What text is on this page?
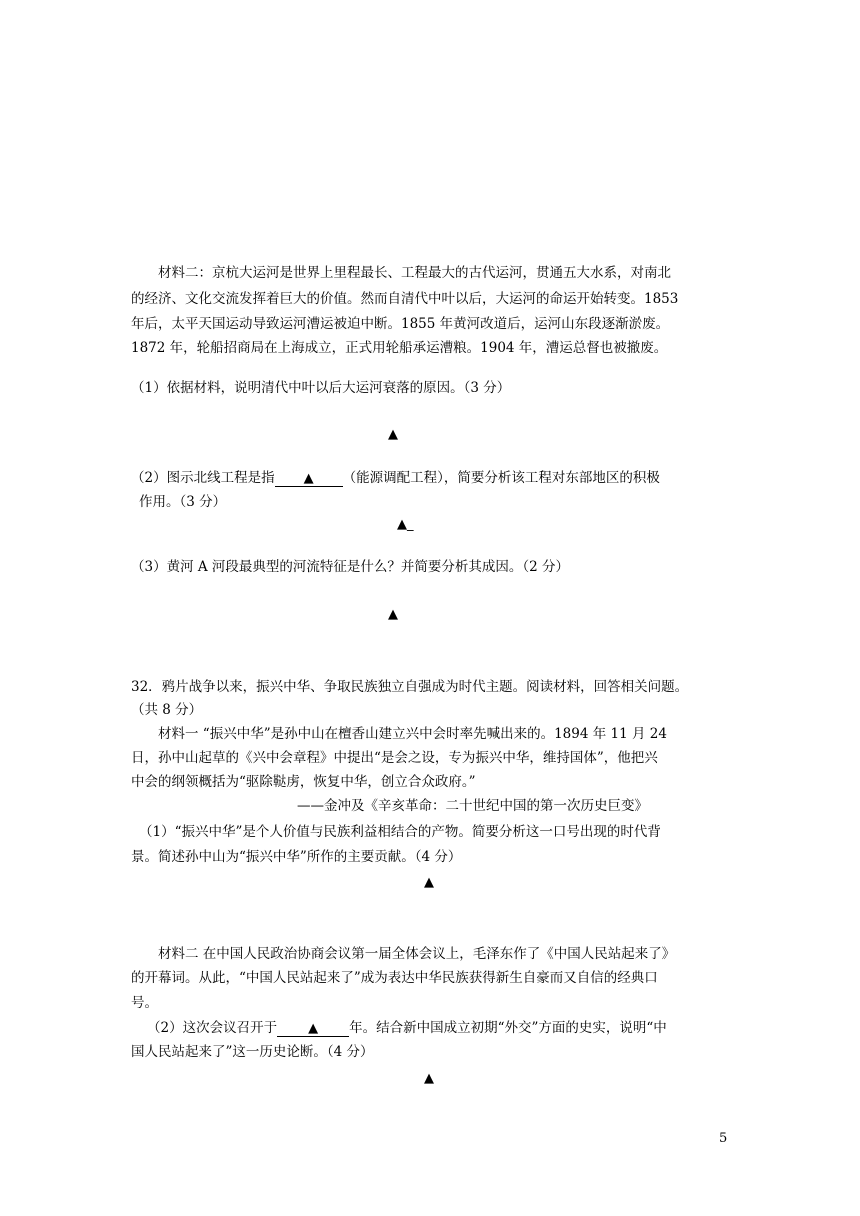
材料二：京杭大运河是世界上里程最长、工程最大的古代运河，贯通五大水系，对南北
的经济、文化交流发挥着巨大的价值。然而自清代中叶以后，大运河的命运开始转变。1853
年后，太平天国运动导致运河漕运被迫中断。1855 年黄河改道后，运河山东段逐渐淤废。
1872 年，轮船招商局在上海成立，正式用轮船承运漕粮。1904 年，漕运总督也被撤废。
（1）依据材料，说明清代中叶以后大运河衰落的原因。（3 分）
▲
（2）图示北线工程是指 ▲ （能源调配工程），简要分析该工程对东部地区的积极
作用。（3 分）
▲_
（3）黄河 A 河段最典型的河流特征是什么？并简要分析其成因。（2 分）
▲
32．鸦片战争以来，振兴中华、争取民族独立自强成为时代主题。阅读材料，回答相关问题。
（共 8 分）
材料一 “振兴中华”是孙中山在檀香山建立兴中会时率先喊出来的。1894 年 11 月 24
日，孙中山起草的《兴中会章程》中提出“是会之设，专为振兴中华，维持国体”，他把兴
中会的纲领概括为“驱除鞑虏，恢复中华，创立合众政府。”
——金冲及《辛亥革命：二十世纪中国的第一次历史巨变》
（1）“振兴中华”是个人价值与民族利益相结合的产物。简要分析这一口号出现的时代背
景。简述孙中山为“振兴中华”所作的主要贡献。（4 分）
▲
材料二 在中国人民政治协商会议第一届全体会议上，毛泽东作了《中国人民站起来了》
的开幕词。从此，“中国人民站起来了”成为表达中华民族获得新生自豪而又自信的经典口
号。
（2）这次会议召开于 ▲ 年。结合新中国成立初期“外交”方面的史实，说明“中
国人民站起来了”这一历史论断。（4 分）
▲
5
